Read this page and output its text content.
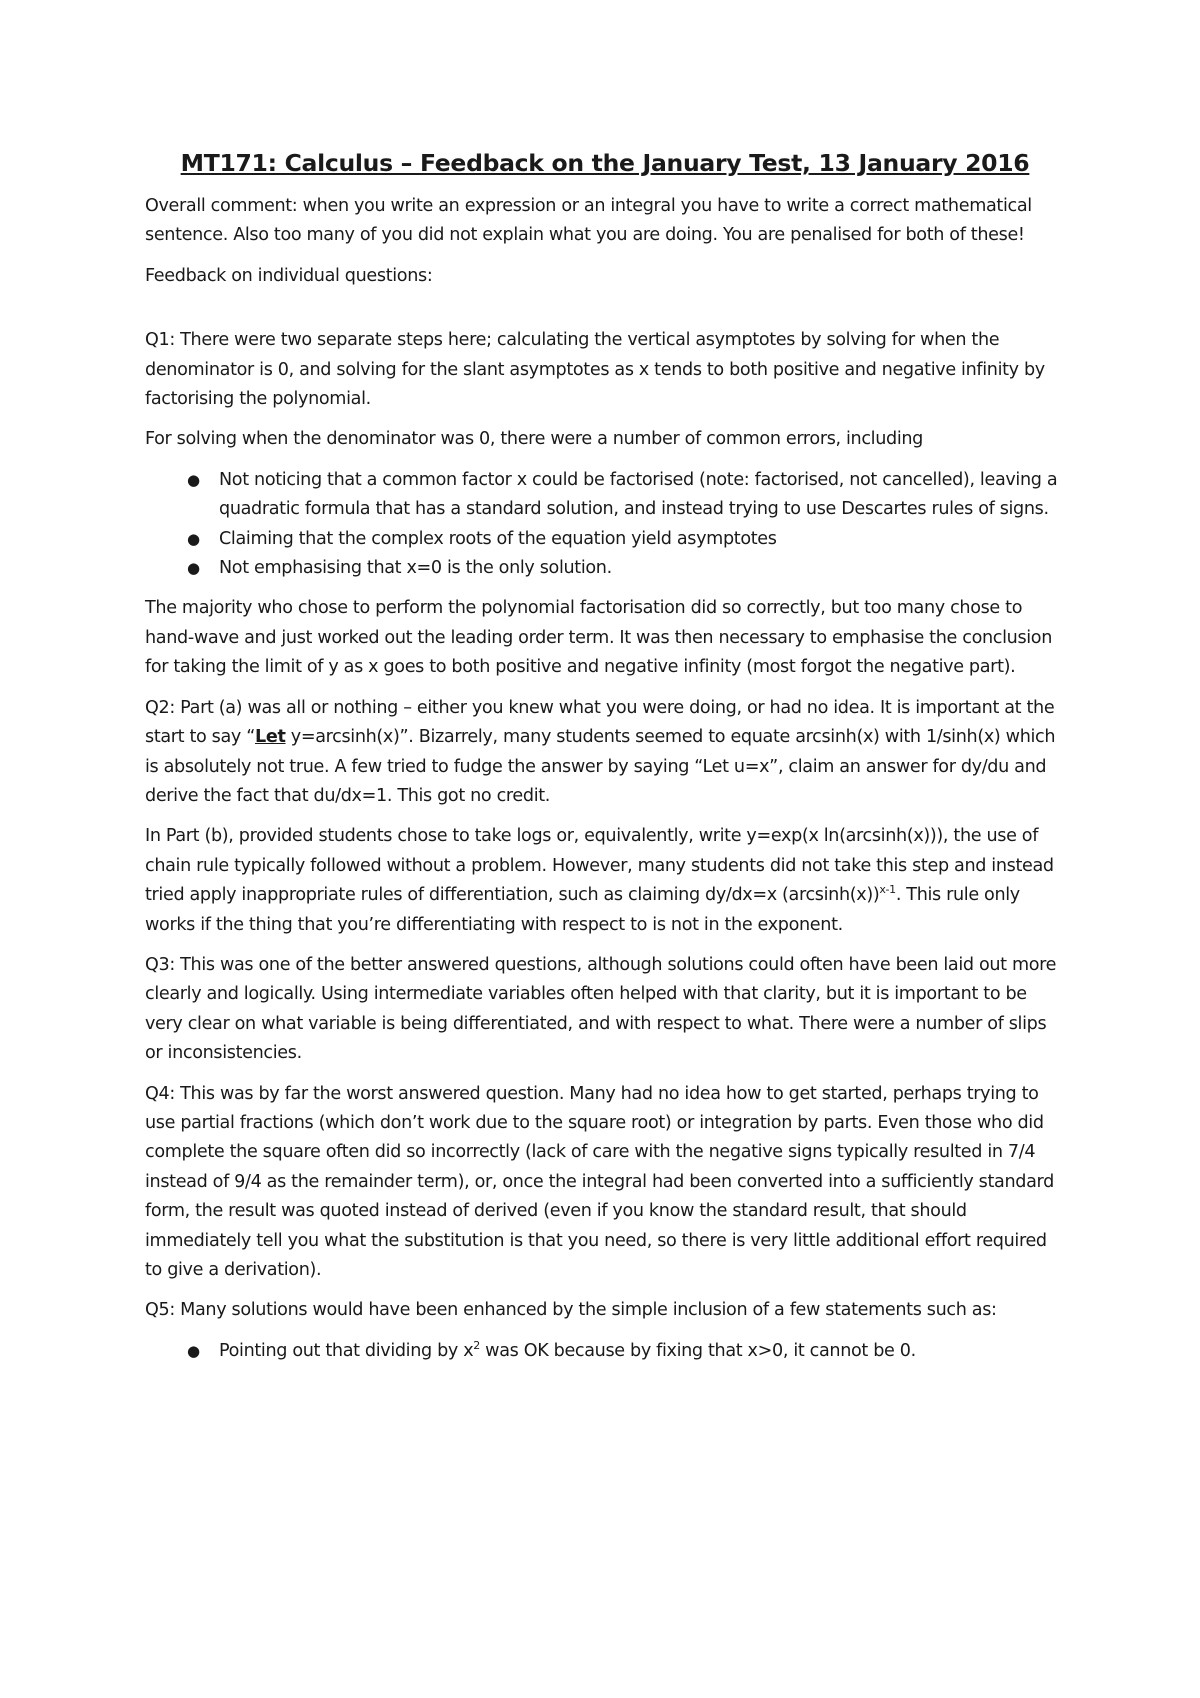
MT171: Calculus – Feedback on the January Test, 13 January 2016

Overall comment: when you write an expression or an integral you have to write a correct mathematical sentence. Also too many of you did not explain what you are doing. You are penalised for both of these!

Feedback on individual questions:

Q1: There were two separate steps here; calculating the vertical asymptotes by solving for when the denominator is 0, and solving for the slant asymptotes as x tends to both positive and negative infinity by factorising the polynomial.

For solving when the denominator was 0, there were a number of common errors, including

● Not noticing that a common factor x could be factorised (note: factorised, not cancelled), leaving a quadratic formula that has a standard solution, and instead trying to use Descartes rules of signs.
● Claiming that the complex roots of the equation yield asymptotes
● Not emphasising that x=0 is the only solution.

The majority who chose to perform the polynomial factorisation did so correctly, but too many chose to hand-wave and just worked out the leading order term. It was then necessary to emphasise the conclusion for taking the limit of y as x goes to both positive and negative infinity (most forgot the negative part).

Q2: Part (a) was all or nothing – either you knew what you were doing, or had no idea. It is important at the start to say “Let y=arcsinh(x)”. Bizarrely, many students seemed to equate arcsinh(x) with 1/sinh(x) which is absolutely not true. A few tried to fudge the answer by saying “Let u=x”, claim an answer for dy/du and derive the fact that du/dx=1. This got no credit.

In Part (b), provided students chose to take logs or, equivalently, write y=exp(x ln(arcsinh(x))), the use of chain rule typically followed without a problem. However, many students did not take this step and instead tried apply inappropriate rules of differentiation, such as claiming dy/dx=x $(\arcsin h(x))^{x-1}$. This rule only works if the thing that you’re differentiating with respect to is not in the exponent.

Q3: This was one of the better answered questions, although solutions could often have been laid out more clearly and logically. Using intermediate variables often helped with that clarity, but it is important to be very clear on what variable is being differentiated, and with respect to what. There were a number of slips or inconsistencies.

Q4: This was by far the worst answered question. Many had no idea how to get started, perhaps trying to use partial fractions (which don’t work due to the square root) or integration by parts. Even those who did complete the square often did so incorrectly (lack of care with the negative signs typically resulted in 7/4 instead of 9/4 as the remainder term), or, once the integral had been converted into a sufficiently standard form, the result was quoted instead of derived (even if you know the standard result, that should immediately tell you what the substitution is that you need, so there is very little additional effort required to give a derivation).

Q5: Many solutions would have been enhanced by the simple inclusion of a few statements such as:

● Pointing out that dividing by $x^2$ was OK because by fixing that x>0, it cannot be 0.
